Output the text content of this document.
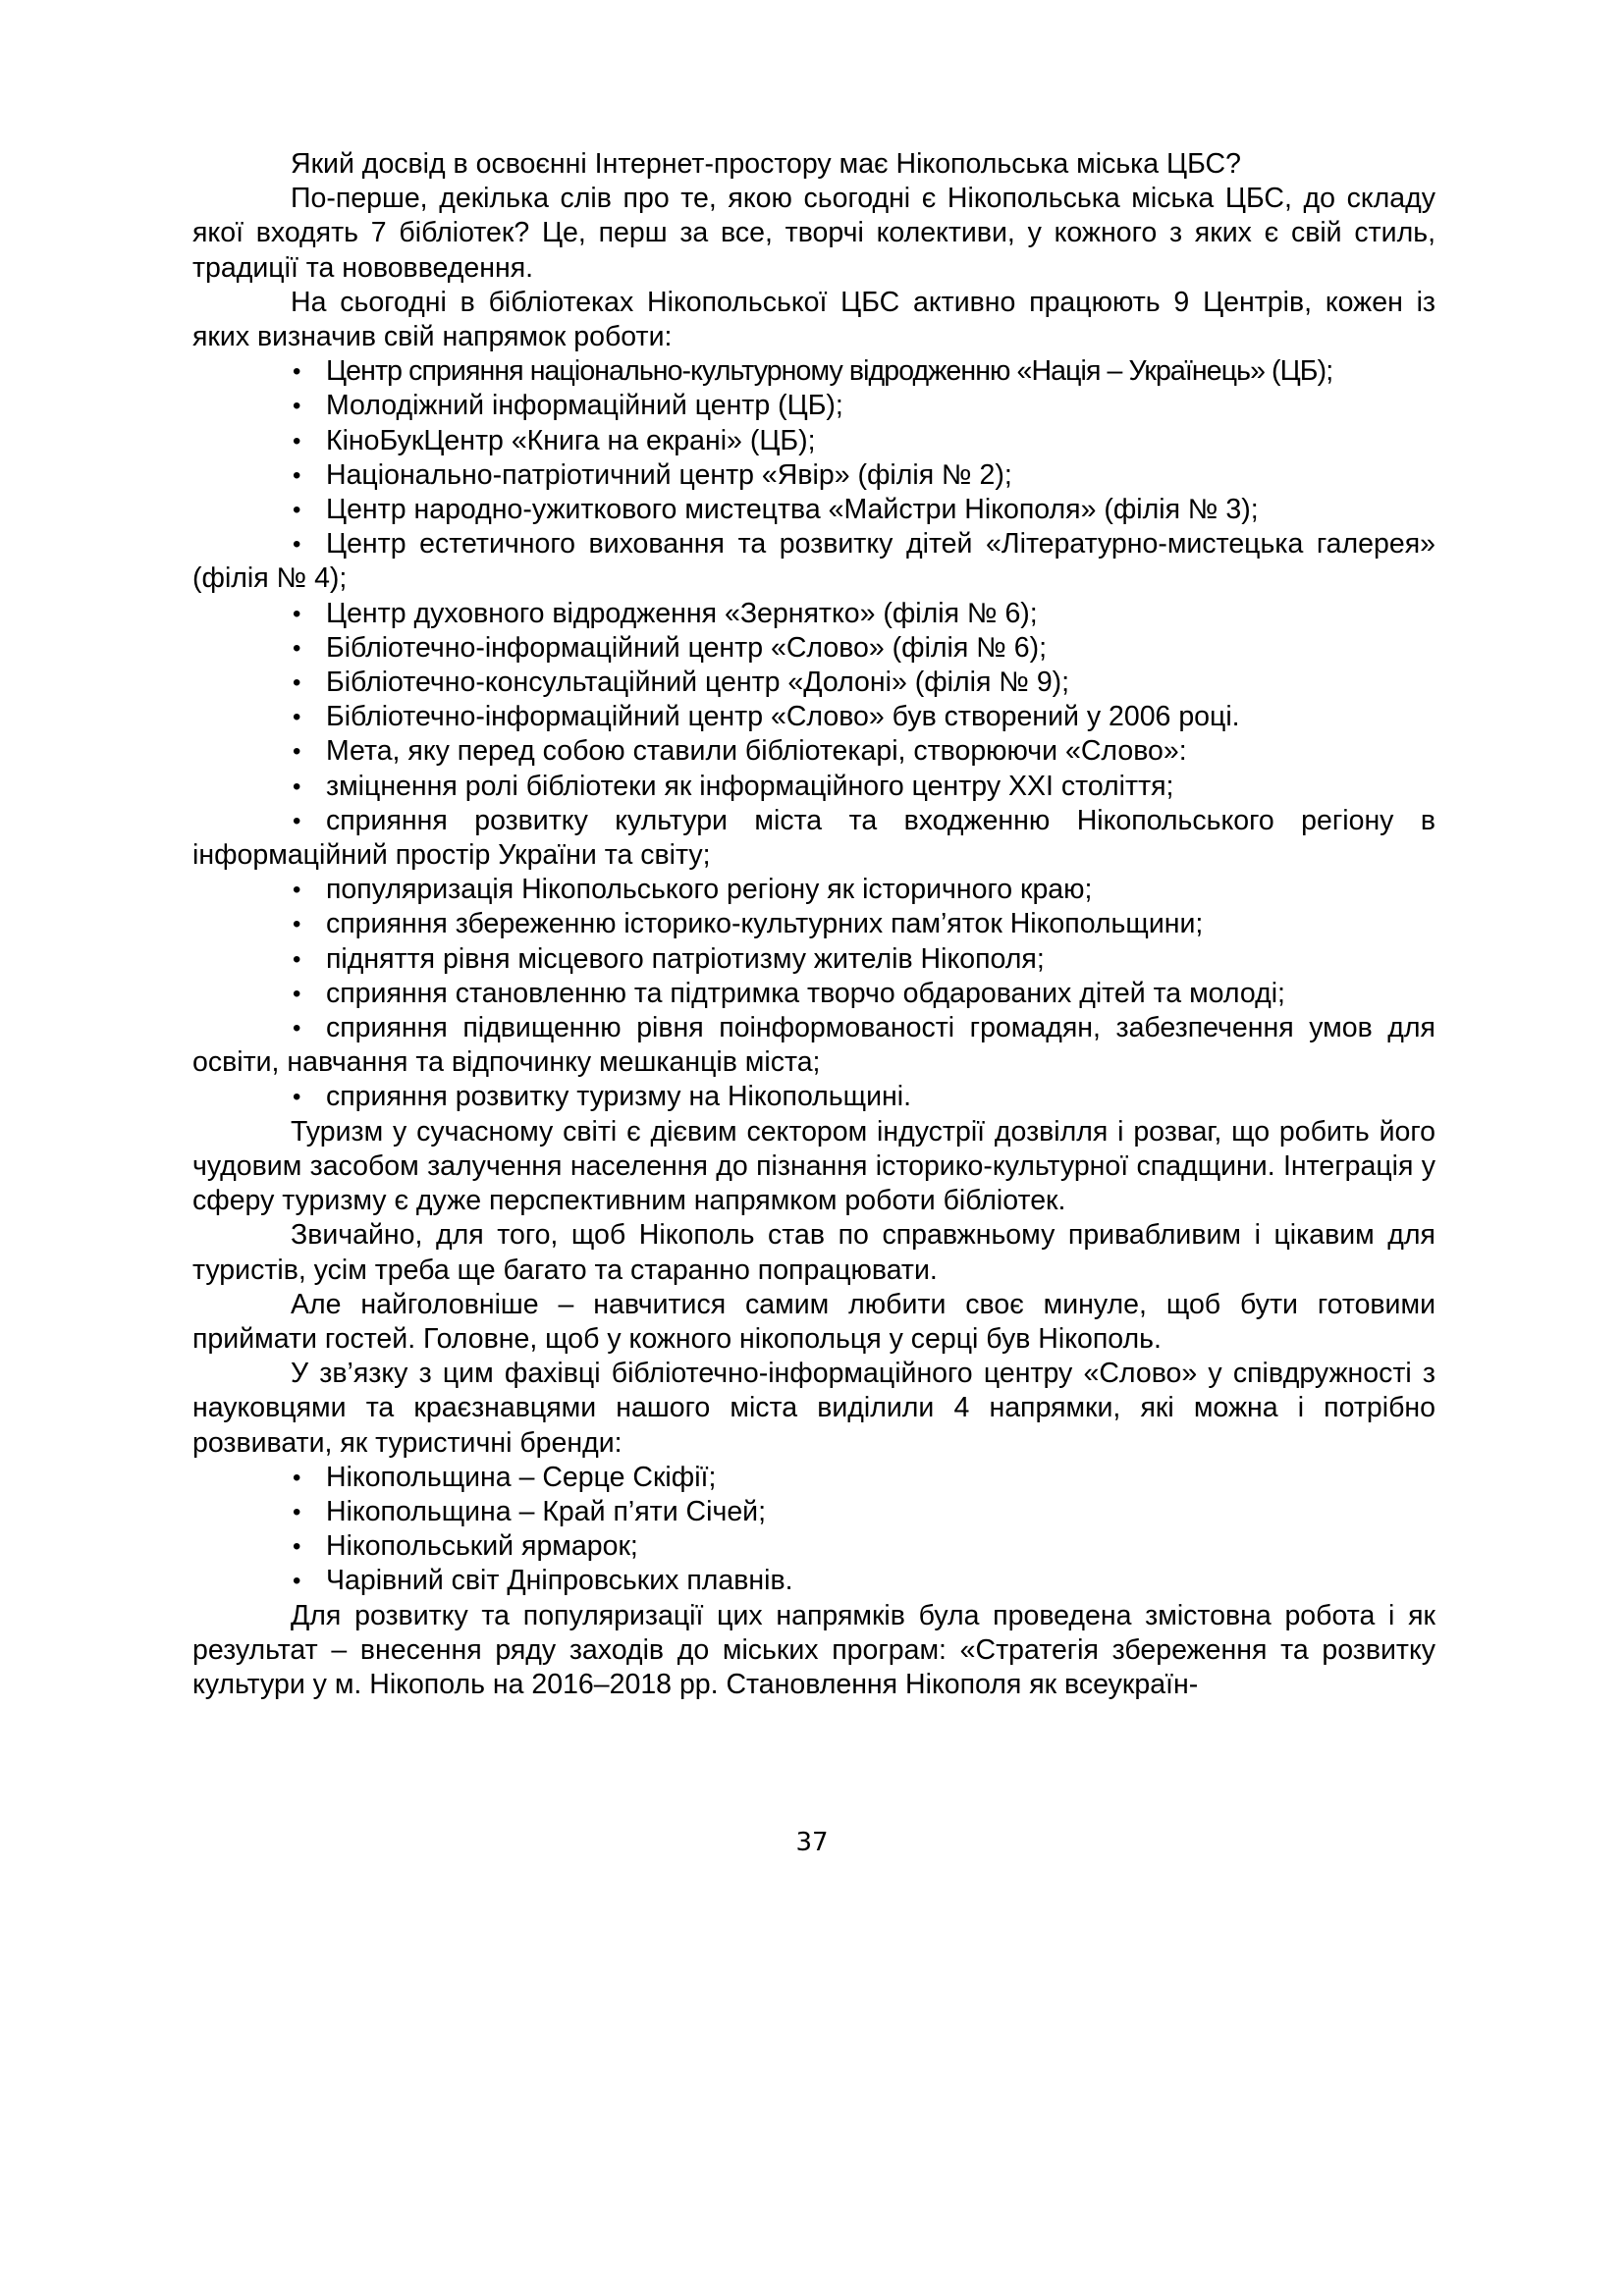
Який досвід в освоєнні Інтернет-простору має Нікопольська міська ЦБС?

По-перше, декілька слів про те, якою сьогодні є Нікопольська міська ЦБС, до складу якої входять 7 бібліотек? Це, перш за все, творчі колективи, у кожного з яких є свій стиль, традиції та нововведення.

На сьогодні в бібліотеках Нікопольської ЦБС активно працюють 9 Центрів, кожен із яких визначив свій напрямок роботи:

• Центр сприяння національно-культурному відродженню «Нація – Українець» (ЦБ);
• Молодіжний інформаційний центр (ЦБ);
• КіноБукЦентр «Книга на екрані» (ЦБ);
• Національно-патріотичний центр «Явір» (філія № 2);
• Центр народно-ужиткового мистецтва «Майстри Нікополя» (філія № 3);
• Центр естетичного виховання та розвитку дітей «Літературно-мистецька галерея» (філія № 4);
• Центр духовного відродження «Зернятко» (філія № 6);
• Бібліотечно-інформаційний центр «Слово» (філія № 6);
• Бібліотечно-консультаційний центр «Долоні» (філія № 9);
• Бібліотечно-інформаційний центр «Слово» був створений у 2006 році.
• Мета, яку перед собою ставили бібліотекарі, створюючи «Слово»:
• зміцнення ролі бібліотеки як інформаційного центру XXI століття;
• сприяння розвитку культури міста та входженню Нікопольського регіону в інформаційний простір України та світу;
• популяризація Нікопольського регіону як історичного краю;
• сприяння збереженню історико-культурних пам’яток Нікопольщини;
• підняття рівня місцевого патріотизму жителів Нікополя;
• сприяння становленню та підтримка творчо обдарованих дітей та молоді;
• сприяння підвищенню рівня поінформованості громадян, забезпечення умов для освіти, навчання та відпочинку мешканців міста;
• сприяння розвитку туризму на Нікопольщині.

Туризм у сучасному світі є дієвим сектором індустрії дозвілля і розваг, що робить його чудовим засобом залучення населення до пізнання історико-культурної спадщини. Інтеграція у сферу туризму є дуже перспективним напрямком роботи бібліотек.

Звичайно, для того, щоб Нікополь став по справжньому привабливим і цікавим для туристів, усім треба ще багато та старанно попрацювати.

Але найголовніше – навчитися самим любити своє минуле, щоб бути готовими приймати гостей. Головне, щоб у кожного нікопольця у серці був Нікополь.

У зв’язку з цим фахівці бібліотечно-інформаційного центру «Слово» у співдружності з науковцями та краєзнавцями нашого міста виділили 4 напрямки, які можна і потрібно розвивати, як туристичні бренди:

• Нікопольщина – Серце Скіфії;
• Нікопольщина – Край п’яти Січей;
• Нікопольський ярмарок;
• Чарівний світ Дніпровських плавнів.

Для розвитку та популяризації цих напрямків була проведена змістовна робота і як результат – внесення ряду заходів до міських програм: «Стратегія збереження та розвитку культури у м. Нікополь на 2016–2018 рр. Становлення Нікополя як всеукраїн-

37
